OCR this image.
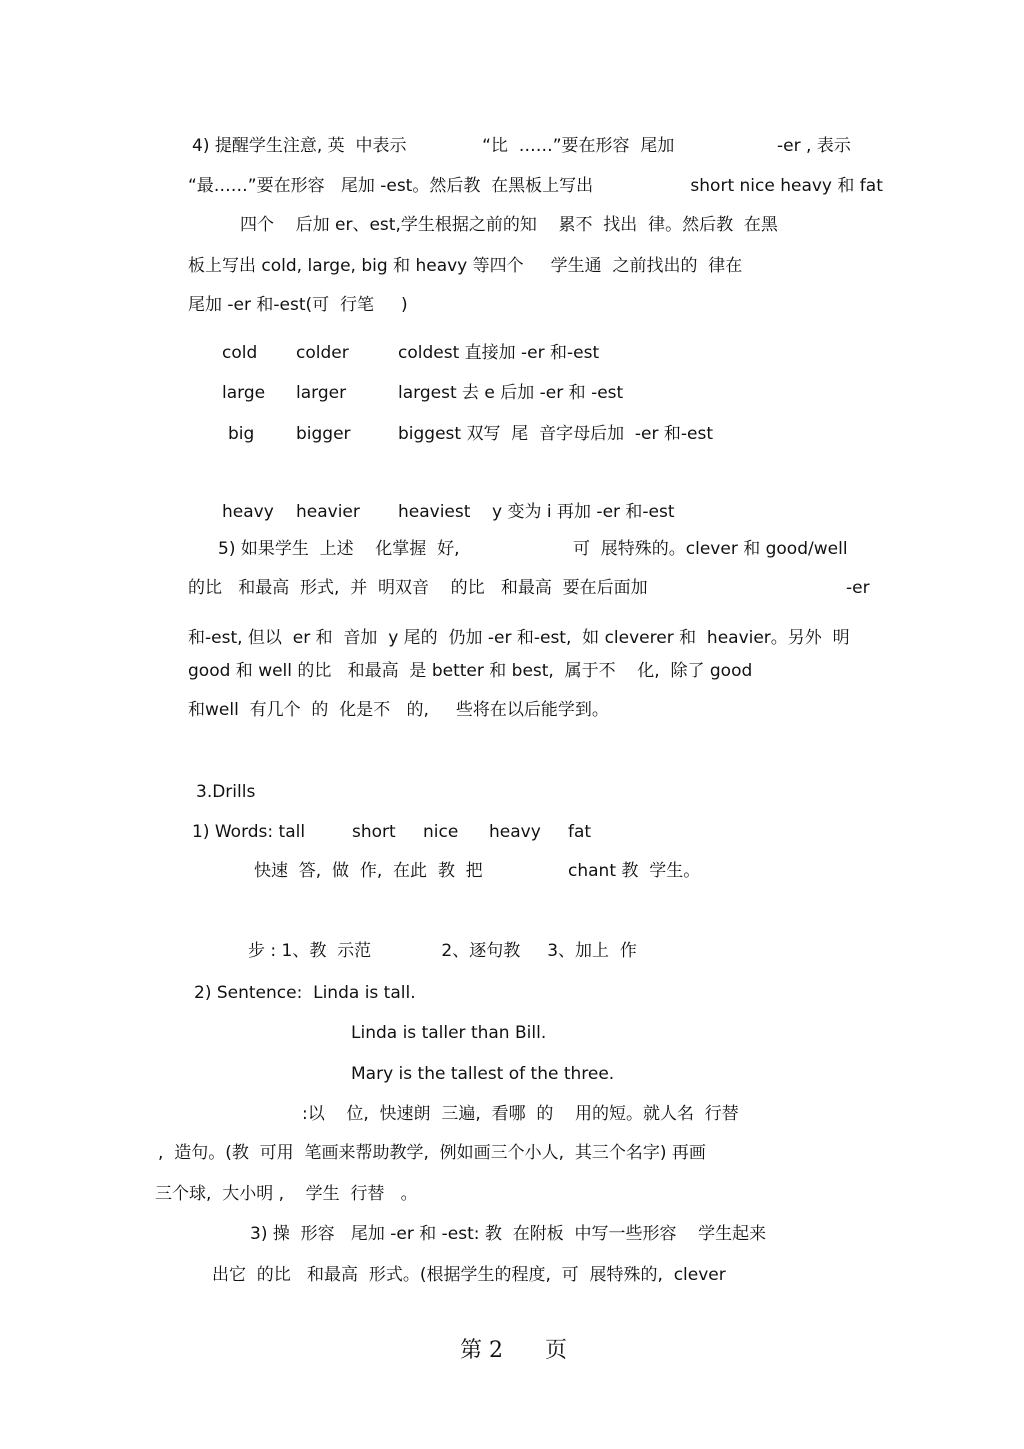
4) 提醒学生注意, 英  中表示              “比  ……”要在形容  尾加                   -er , 表示
“最……”要在形容   尾加 -est。然后教  在黑板上写出                  short nice heavy 和 fat
四个    后加 er、est,学生根据之前的知    累不  找出  律。然后教  在黑
板上写出 cold, large, big 和 heavy 等四个     学生通  之前找出的  律在
尾加 -er 和-est(可  行笔     )
cold colder	coldest 直接加 -er 和-est
large larger	largest 去 e 后加 -er 和 -est
big bigger	biggest 双写  尾  音字母后加  -er 和-est
heavy heavier heaviest    y 变为 i 再加 -er 和-est
5) 如果学生  上述    化掌握  好,                     可  展特殊的。clever 和 good/well
的比   和最高  形式,  并  明双音    的比   和最高  要在后面加	-er
和-est, 但以  er 和  音加  y 尾的  仍加 -er 和-est,  如 cleverer 和  heavier。另外  明
good 和 well 的比   和最高  是 better 和 best,  属于不    化,  除了 good
和well  有几个  的  化是不   的,     些将在以后能学到。
3.Drills
1) Words: tall	short nice heavy fat
快速  答,  做  作,  在此  教  把	chant 教  学生。
步 : 1、教  示范             2、逐句教     3、加上  作
2) Sentence:  Linda is tall.
Linda is taller than Bill.
Mary is the tallest of the three.
:以    位,  快速朗  三遍,  看哪  的    用的短。就人名  行替
,  造句。(教  可用  笔画来帮助教学,  例如画三个小人,  其三个名字) 再画
三个球,  大小明 ,    学生  行替   。
3) 操  形容   尾加 -er 和 -est: 教  在附板  中写一些形容    学生起来
出它  的比   和最高  形式。(根据学生的程度,  可  展特殊的,  clever
第 2      页
